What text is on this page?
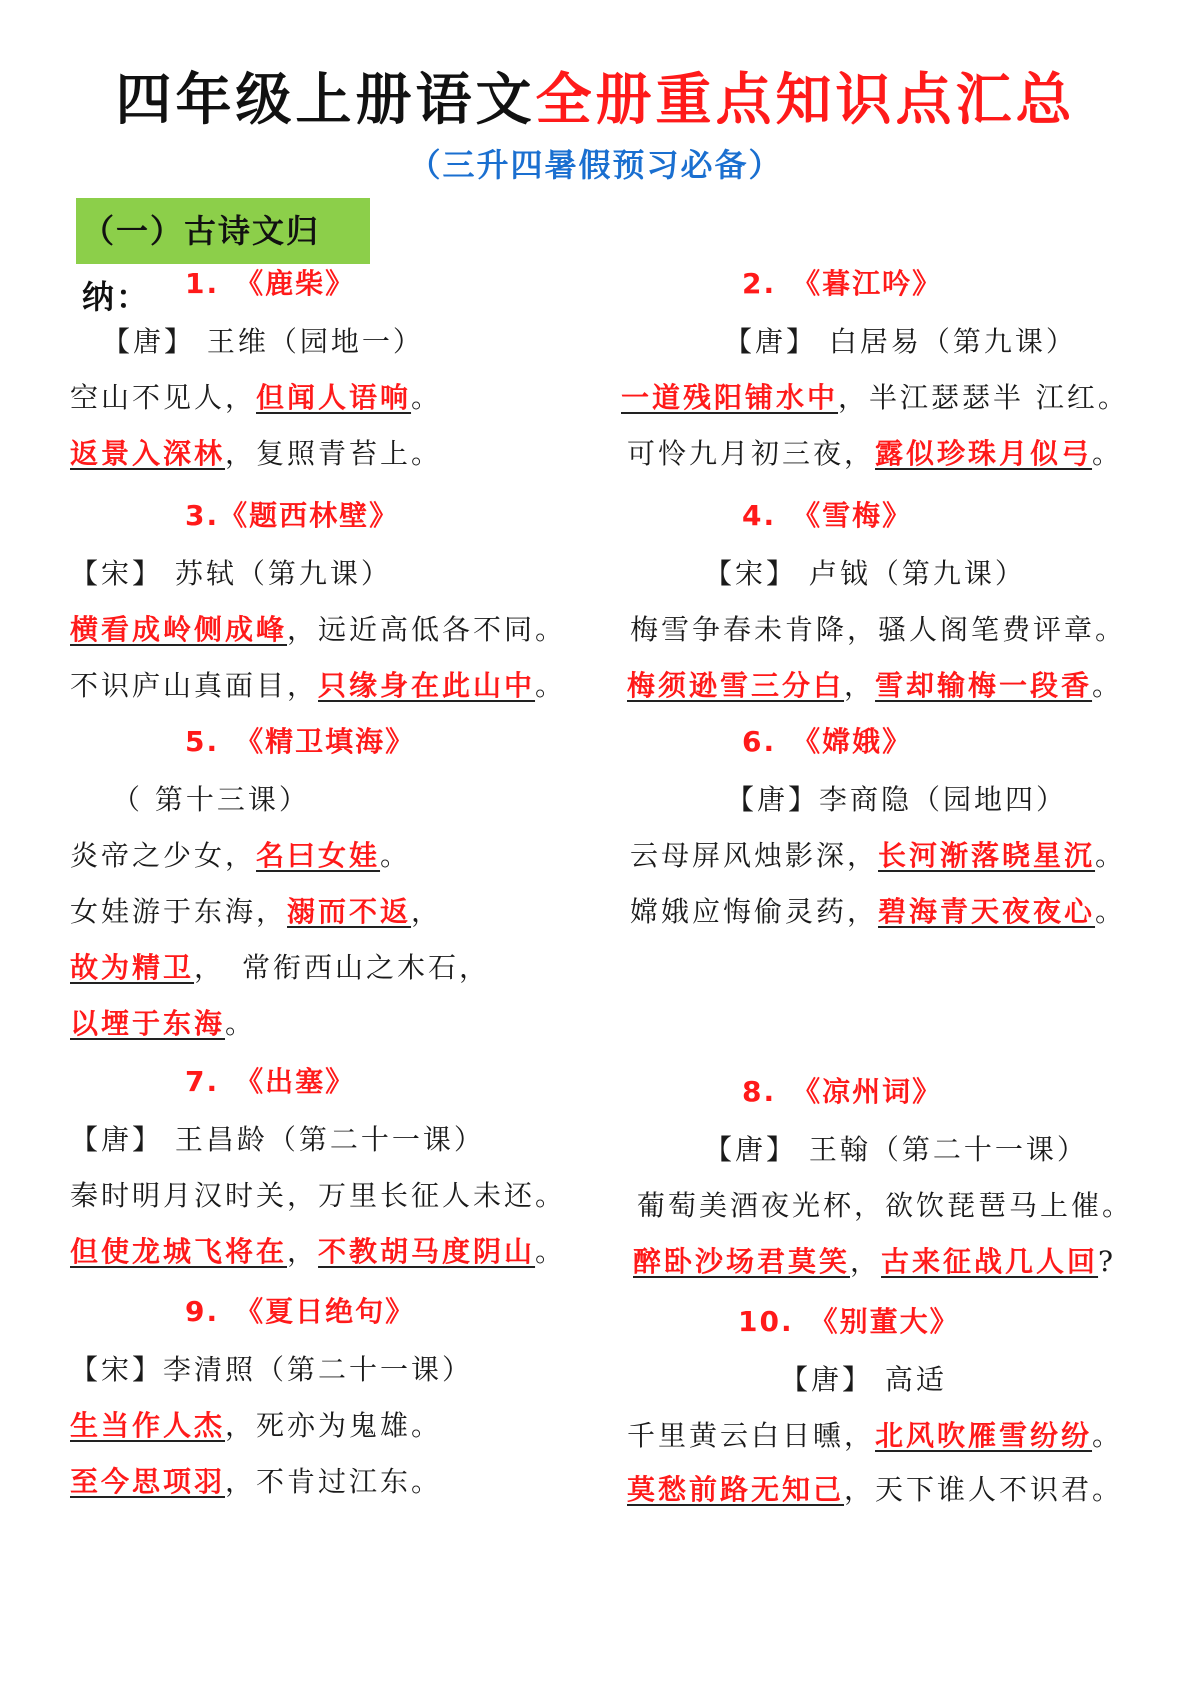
四年级上册语文全册重点知识点汇总
（三升四暑假预习必备）
（一）古诗文归纳：	1.　《鹿柴》
【唐】 王维（园地一）
空山不见人，但闻人语响。
返景入深林，复照青苔上。
2.　《暮江吟》
【唐】 白居易（第九课）
一道残阳铺水中，半江瑟瑟半 江红。
可怜九月初三夜，露似珍珠月似弓。
3.《题西林壁》
【宋】 苏轼（第九课）
横看成岭侧成峰，远近高低各不同。
不识庐山真面目，只缘身在此山中。
4.　《雪梅》
【宋】 卢钺（第九课）
梅雪争春未肯降，骚人阁笔费评章。
梅须逊雪三分白，雪却输梅一段香。
5.　《精卫填海》
（ 第十三课）
炎帝之少女，名曰女娃。
女娃游于东海，溺而不返，
故为精卫，　常衔西山之木石，
以堙于东海。
6.　《嫦娥》
【唐】李商隐（园地四）
云母屏风烛影深，长河渐落晓星沉。
嫦娥应悔偷灵药，碧海青天夜夜心。
7.　《出塞》
【唐】 王昌龄（第二十一课）
秦时明月汉时关，万里长征人未还。
但使龙城飞将在，不教胡马度阴山。
8.　《凉州词》
【唐】 王翰（第二十一课）
葡萄美酒夜光杯，欲饮琵琶马上催。
醉卧沙场君莫笑，古来征战几人回?
9.　《夏日绝句》
【宋】李清照（第二十一课）
生当作人杰，死亦为鬼雄。
至今思项羽，不肯过江东。
10.　《别董大》
【唐】 高适
千里黄云白日曛，北风吹雁雪纷纷。
莫愁前路无知己，天下谁人不识君。
